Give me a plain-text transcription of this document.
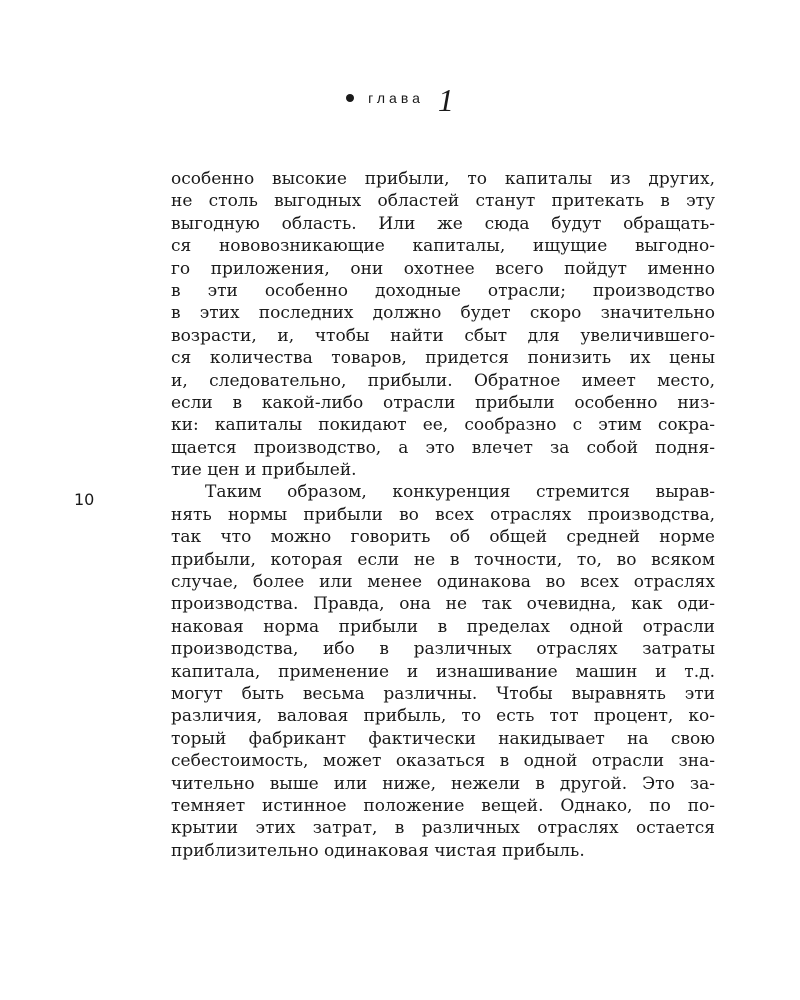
глава 1
10
особенно высокие прибыли, то капиталы из других,
не столь выгодных областей станут притекать в эту
выгодную область. Или же сюда будут обращать-
ся нововозникающие капиталы, ищущие выгодно-
го приложения, они охотнее всего пойдут именно
в эти особенно доходные отрасли; производство
в этих последних должно будет скоро значительно
возрасти, и, чтобы найти сбыт для увеличившего-
ся количества товаров, придется понизить их цены
и, следовательно, прибыли. Обратное имеет место,
если в какой-либо отрасли прибыли особенно низ-
ки: капиталы покидают ее, сообразно с этим сокра-
щается производство, а это влечет за собой подня-
тие цен и прибылей.
Таким образом, конкуренция стремится вырав-
нять нормы прибыли во всех отраслях производства,
так что можно говорить об общей средней норме
прибыли, которая если не в точности, то, во всяком
случае, более или менее одинакова во всех отраслях
производства. Правда, она не так очевидна, как оди-
наковая норма прибыли в пределах одной отрасли
производства, ибо в различных отраслях затраты
капитала, применение и изнашивание машин и т.д.
могут быть весьма различны. Чтобы выравнять эти
различия, валовая прибыль, то есть тот процент, ко-
торый фабрикант фактически накидывает на свою
себестоимость, может оказаться в одной отрасли зна-
чительно выше или ниже, нежели в другой. Это за-
темняет истинное положение вещей. Однако, по по-
крытии этих затрат, в различных отраслях остается
приблизительно одинаковая чистая прибыль.
